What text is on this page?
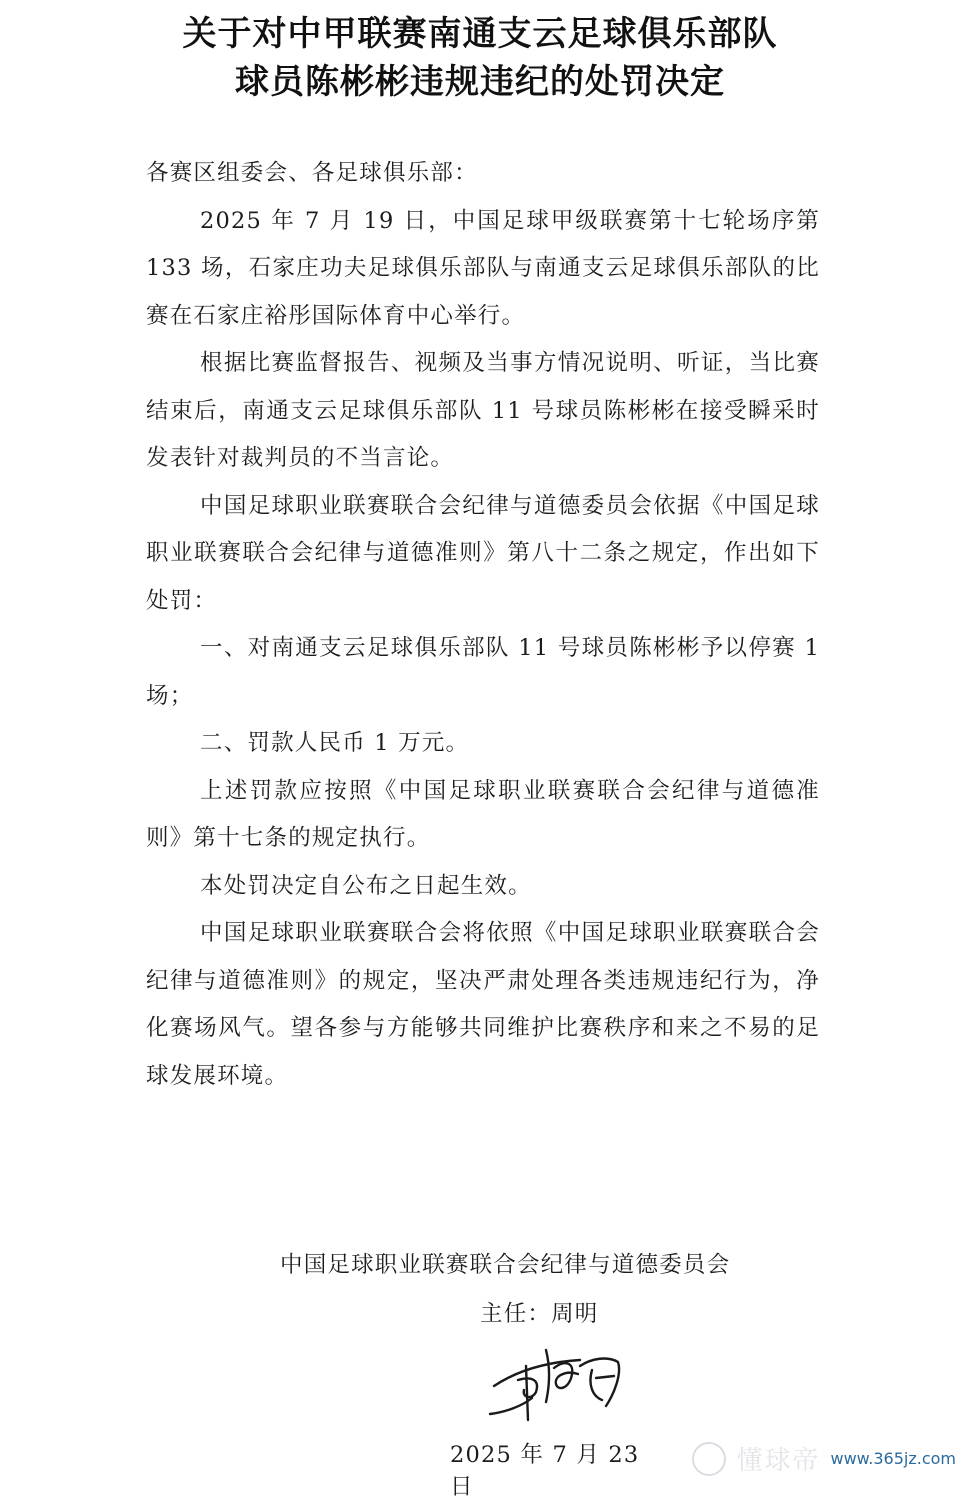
关于对中甲联赛南通支云足球俱乐部队
球员陈彬彬违规违纪的处罚决定

各赛区组委会、各足球俱乐部：

2025 年 7 月 19 日，中国足球甲级联赛第十七轮场序第 133 场，石家庄功夫足球俱乐部队与南通支云足球俱乐部队的比赛在石家庄裕彤国际体育中心举行。

根据比赛监督报告、视频及当事方情况说明、听证，当比赛结束后，南通支云足球俱乐部队 11 号球员陈彬彬在接受瞬采时发表针对裁判员的不当言论。

中国足球职业联赛联合会纪律与道德委员会依据《中国足球职业联赛联合会纪律与道德准则》第八十二条之规定，作出如下处罚：

一、对南通支云足球俱乐部队 11 号球员陈彬彬予以停赛 1 场；

二、罚款人民币 1 万元。

上述罚款应按照《中国足球职业联赛联合会纪律与道德准则》第十七条的规定执行。

本处罚决定自公布之日起生效。

中国足球职业联赛联合会将依照《中国足球职业联赛联合会纪律与道德准则》的规定，坚决严肃处理各类违规违纪行为，净化赛场风气。望各参与方能够共同维护比赛秩序和来之不易的足球发展环境。

中国足球职业联赛联合会纪律与道德委员会
主任：周明
2025 年 7 月 23 日
懂球帝 www.365jz.com
